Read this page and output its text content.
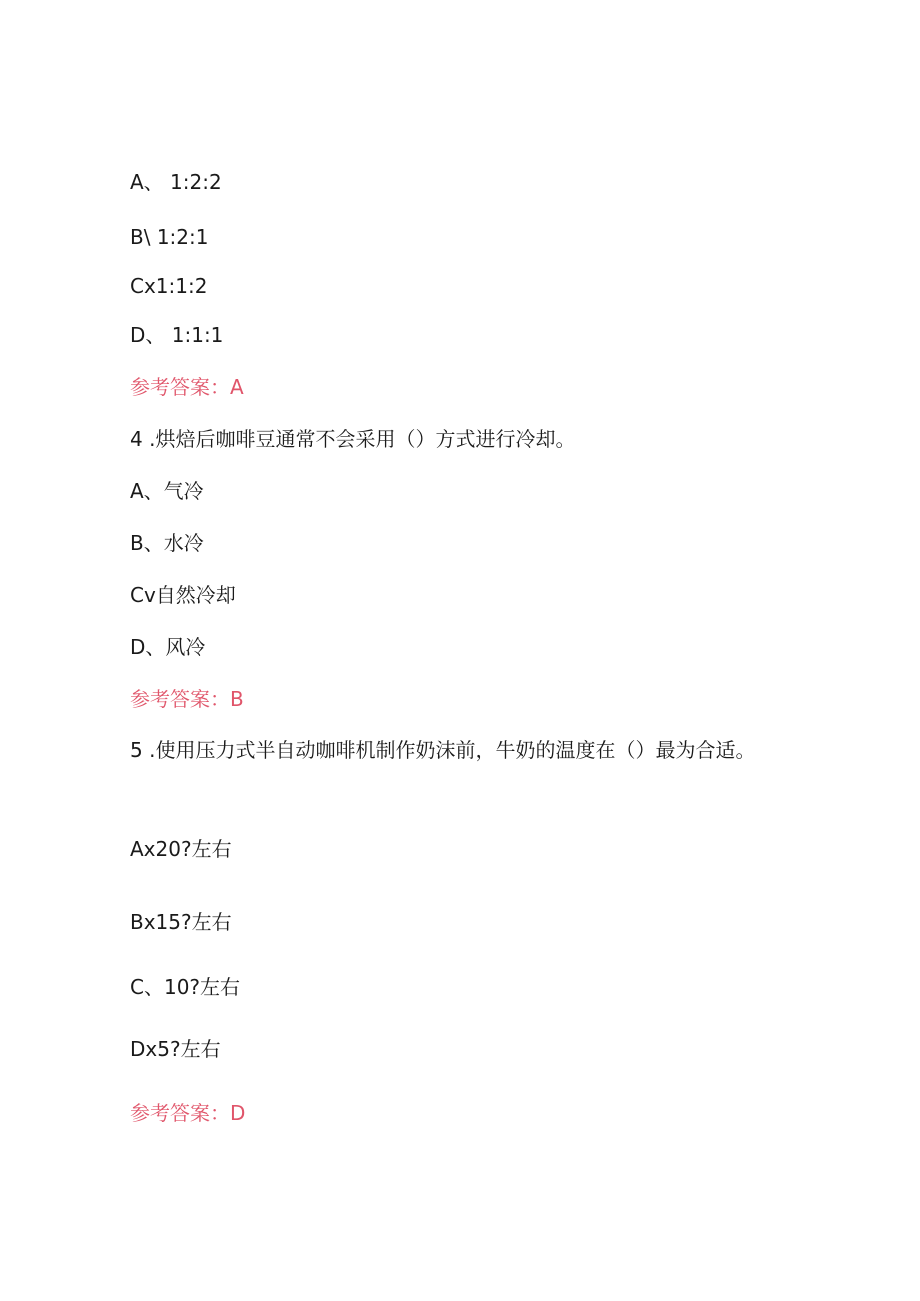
A、 1:2:2
B\ 1:2:1
Cx1:1:2
D、 1:1:1
参考答案：A
4 .烘焙后咖啡豆通常不会采用（）方式进行冷却。
A、气冷
B、水冷
Cv自然冷却
D、风冷
参考答案：B
5 .使用压力式半自动咖啡机制作奶沫前，牛奶的温度在（）最为合适。
Ax20?左右
Bx15?左右
C、10?左右
Dx5?左右
参考答案：D
